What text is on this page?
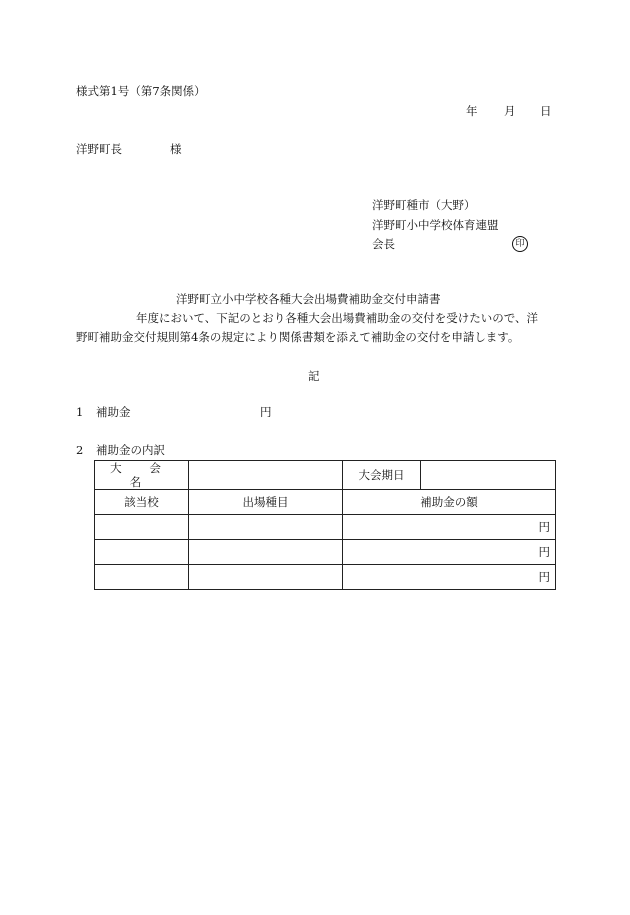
様式第1号（第7条関係）
年 月 日
洋野町長	様
洋野町種市（大野）
洋野町小中学校体育連盟
会長	印
洋野町立小中学校各種大会出場費補助金交付申請書
年度において、下記のとおり各種大会出場費補助金の交付を受けたいので、洋
野町補助金交付規則第4条の規定により関係書類を添えて補助金の交付を申請します。
記
1 補助金	円
2 補助金の内訳
大 会 名		大会期日	
該当校	出場種目	補助金の額	
		円	
		円	
		円	
